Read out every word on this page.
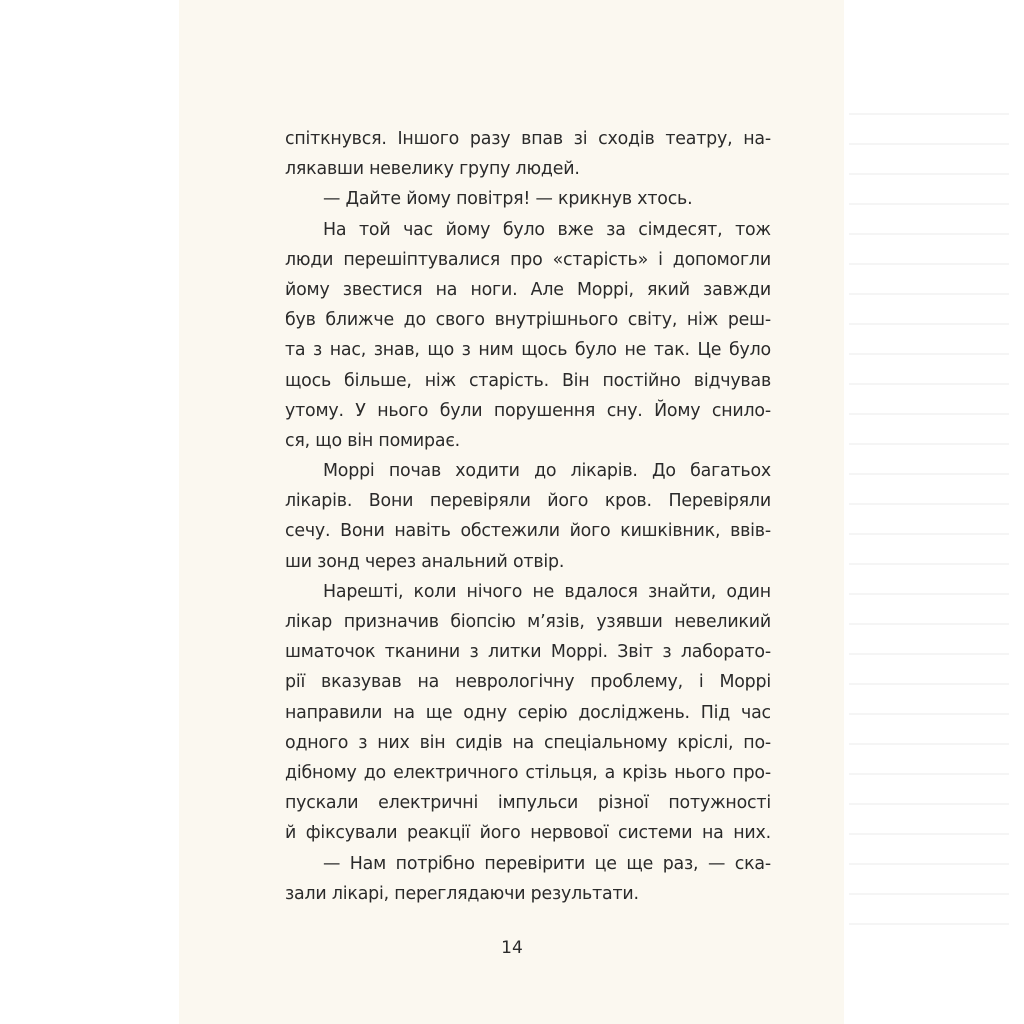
спіткнувся. Іншого разу впав зі сходів театру, на-
лякавши невелику групу людей.
— Дайте йому повітря! — крикнув хтось.
На той час йому було вже за сімдесят, тож
люди перешіптувалися про «старість» і допомогли
йому звестися на ноги. Але Моррі, який завжди
був ближче до свого внутрішнього світу, ніж реш-
та з нас, знав, що з ним щось було не так. Це було
щось більше, ніж старість. Він постійно відчував
утому. У нього були порушення сну. Йому снило-
ся, що він помирає.
Моррі почав ходити до лікарів. До багатьох
лікарів. Вони перевіряли його кров. Перевіряли
сечу. Вони навіть обстежили його кишківник, ввів-
ши зонд через анальний отвір.
Нарешті, коли нічого не вдалося знайти, один
лікар призначив біопсію м’язів, узявши невеликий
шматочок тканини з литки Моррі. Звіт з лаборато-
рії вказував на неврологічну проблему, і Моррі
направили на ще одну серію досліджень. Під час
одного з них він сидів на спеціальному кріслі, по-
дібному до електричного стільця, а крізь нього про-
пускали електричні імпульси різної потужності
й фіксували реакції його нервової системи на них.
— Нам потрібно перевірити це ще раз, — ска-
зали лікарі, переглядаючи результати.
14
